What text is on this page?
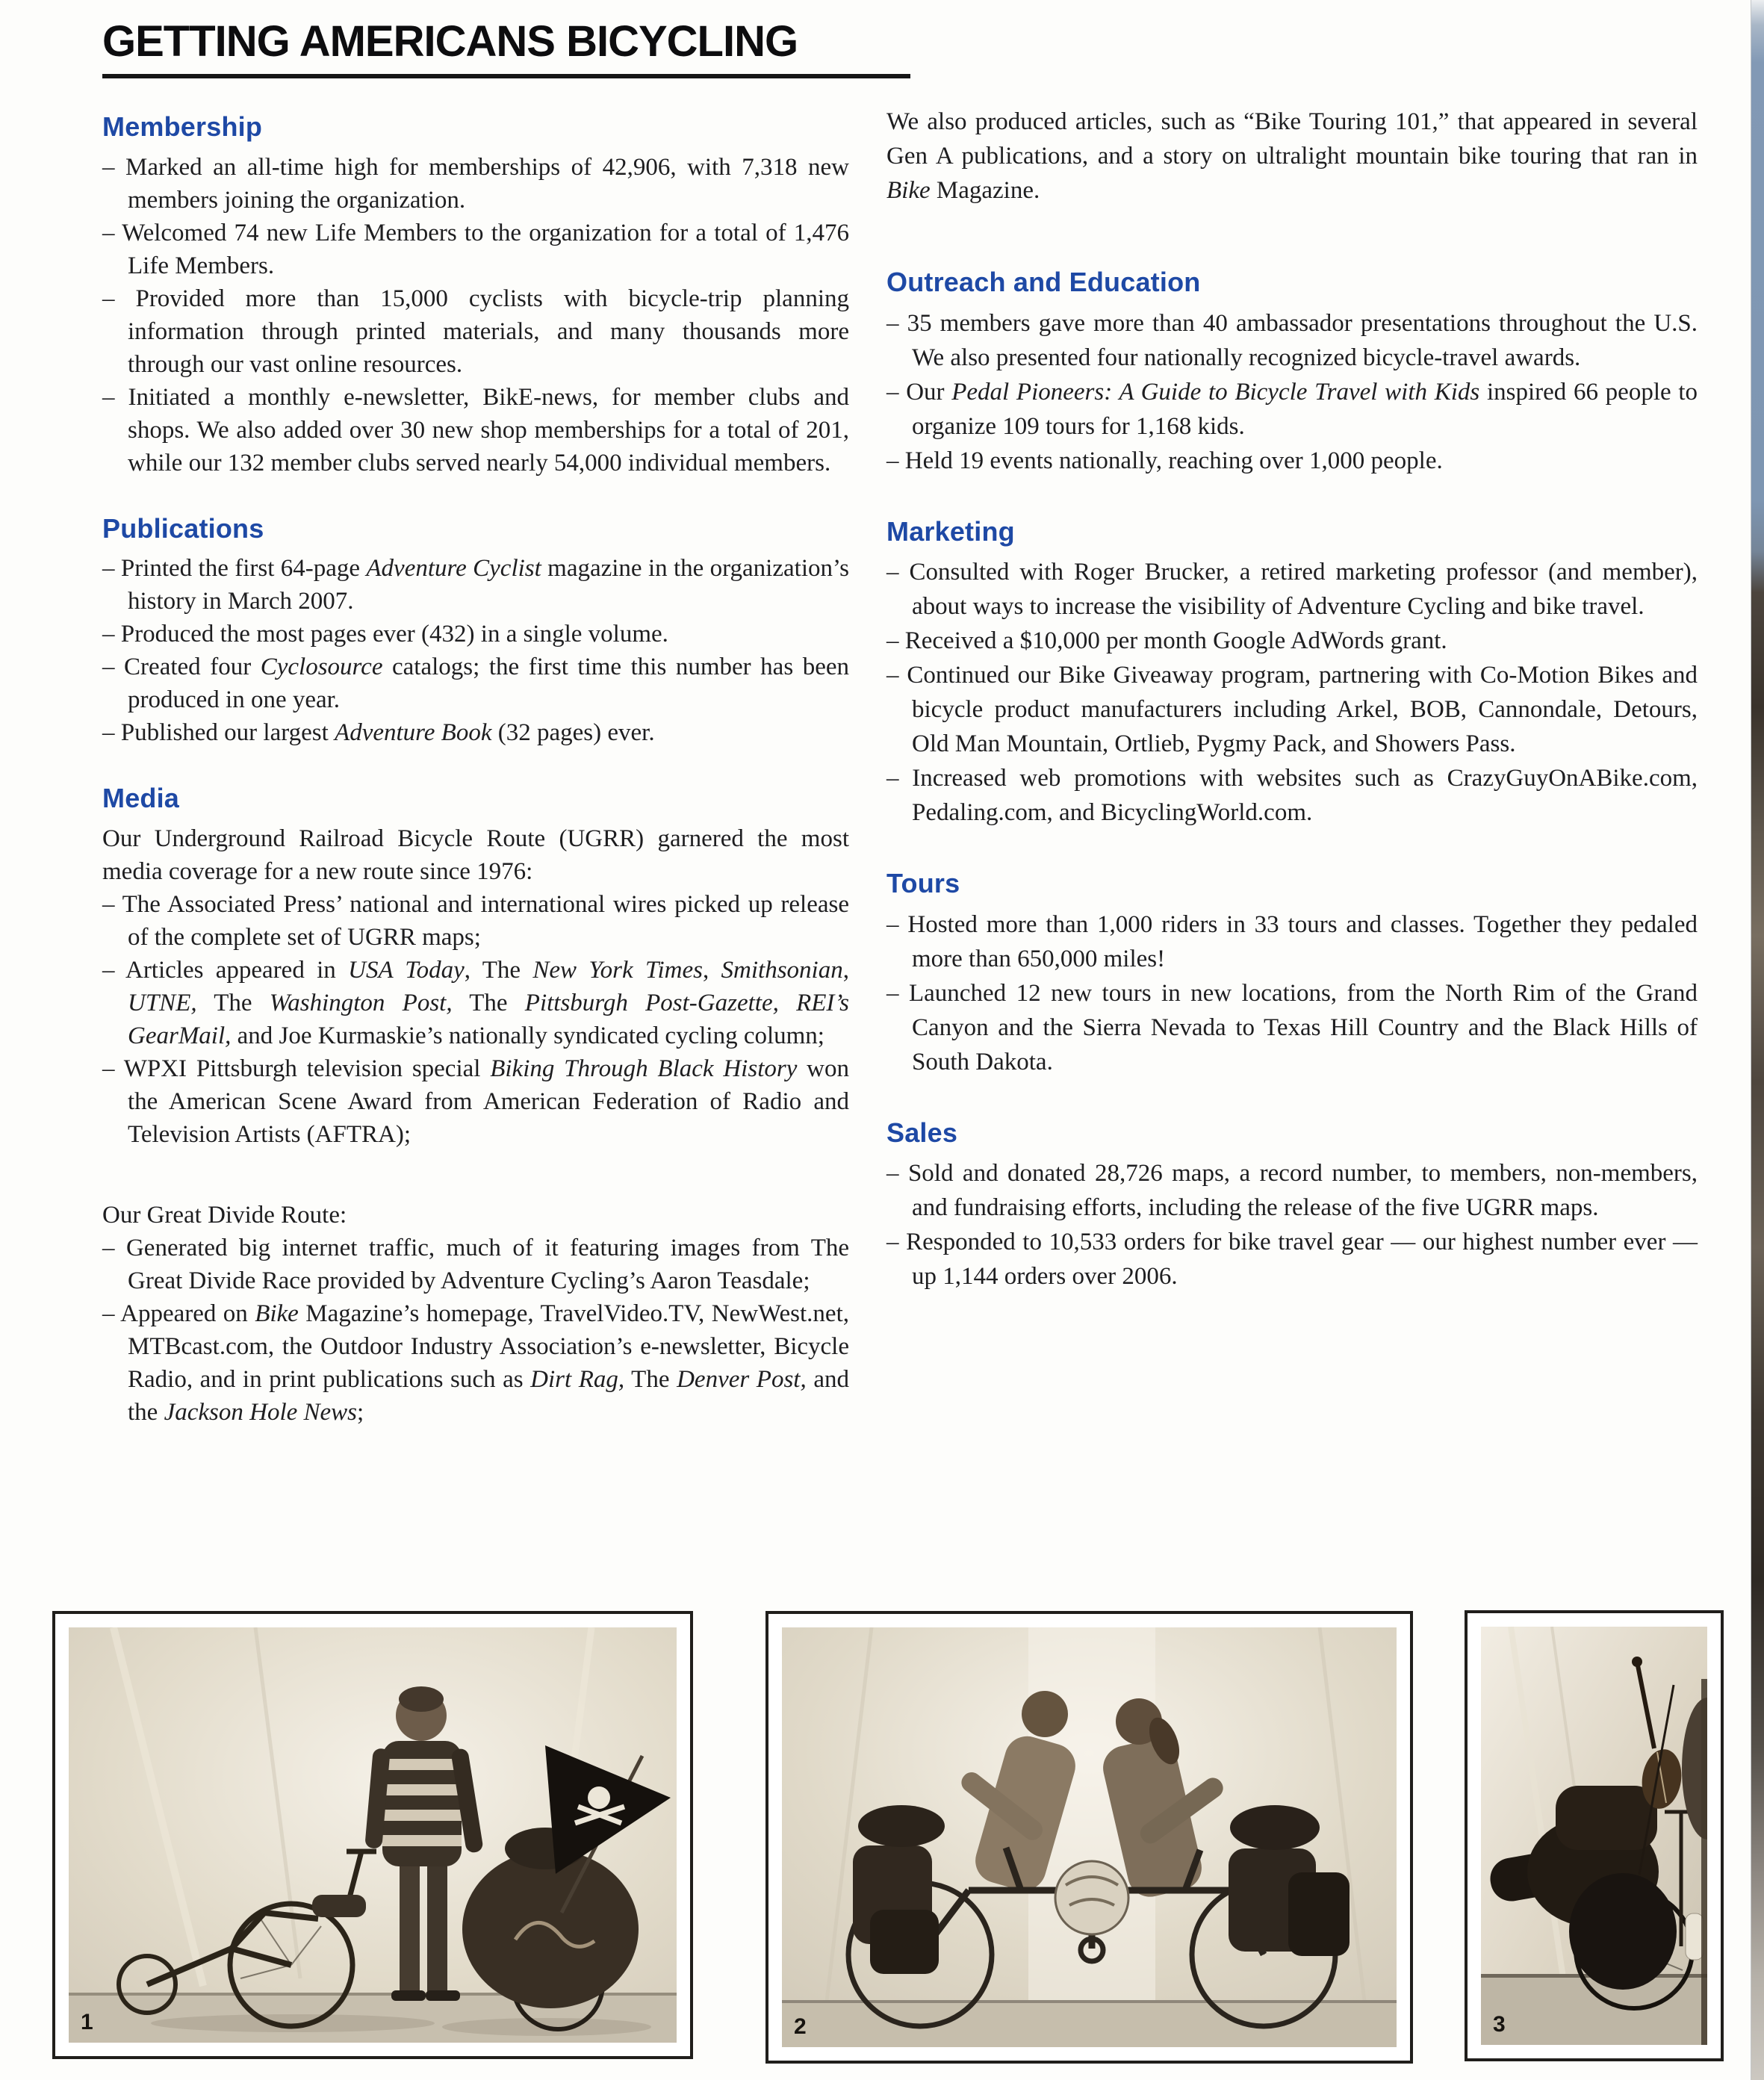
GETTING AMERICANS BICYCLING
Membership

– Marked an all-time high for memberships of 42,906, with 7,318 new members joining the organization.

– Welcomed 74 new Life Members to the organization for a total of 1,476 Life Members.

– Provided more than 15,000 cyclists with bicycle-trip planning information through printed materials, and many thousands more through our vast online resources.

– Initiated a monthly e-newsletter, BikE-news, for member clubs and shops. We also added over 30 new shop memberships for a total of 201, while our 132 member clubs served nearly 54,000 individual members.

Publications

– Printed the first 64-page Adventure Cyclist magazine in the organization’s history in March 2007.

– Produced the most pages ever (432) in a single volume.

– Created four Cyclosource catalogs; the first time this number has been produced in one year.

– Published our largest Adventure Book (32 pages) ever.

Media

Our Underground Railroad Bicycle Route (UGRR) garnered the most media coverage for a new route since 1976:

– The Associated Press’ national and international wires picked up release of the complete set of UGRR maps;

– Articles appeared in USA Today, The New York Times, Smithsonian, UTNE, The Washington Post, The Pittsburgh Post-Gazette, REI’s GearMail, and Joe Kurmaskie’s nationally syndicated cycling column;

– WPXI Pittsburgh television special Biking Through Black History won the American Scene Award from American Federation of Radio and Television Artists (AFTRA);

Our Great Divide Route:

– Generated big internet traffic, much of it featuring images from The Great Divide Race provided by Adventure Cycling’s Aaron Teasdale;

– Appeared on Bike Magazine’s homepage, TravelVideo.TV, NewWest.net, MTBcast.com, the Outdoor Industry Association’s e-newsletter, Bicycle Radio, and in print publications such as Dirt Rag, The Denver Post, and the Jackson Hole News;

We also produced articles, such as “Bike Touring 101,” that appeared in several Gen A publications, and a story on ultralight mountain bike touring that ran in Bike Magazine.

Outreach and Education

– 35 members gave more than 40 ambassador presentations throughout the U.S. We also presented four nationally recognized bicycle-travel awards.

– Our Pedal Pioneers: A Guide to Bicycle Travel with Kids inspired 66 people to organize 109 tours for 1,168 kids.

– Held 19 events nationally, reaching over 1,000 people.

Marketing

– Consulted with Roger Brucker, a retired marketing professor (and member), about ways to increase the visibility of Adventure Cycling and bike travel.

– Received a $10,000 per month Google AdWords grant.

– Continued our Bike Giveaway program, partnering with Co-Motion Bikes and bicycle product manufacturers including Arkel, BOB, Cannondale, Detours, Old Man Mountain, Ortlieb, Pygmy Pack, and Showers Pass.

– Increased web promotions with websites such as CrazyGuyOnABike.com, Pedaling.com, and BicyclingWorld.com.

Tours

– Hosted more than 1,000 riders in 33 tours and classes. Together they pedaled more than 650,000 miles!

– Launched 12 new tours in new locations, from the North Rim of the Grand Canyon and the Sierra Nevada to Texas Hill Country and the Black Hills of South Dakota.

Sales

– Sold and donated 28,726 maps, a record number, to members, non-members, and fundraising efforts, including the release of the five UGRR maps.

– Responded to 10,533 orders for bike travel gear — our highest number ever — up 1,144 orders over 2006.

1	2	3
